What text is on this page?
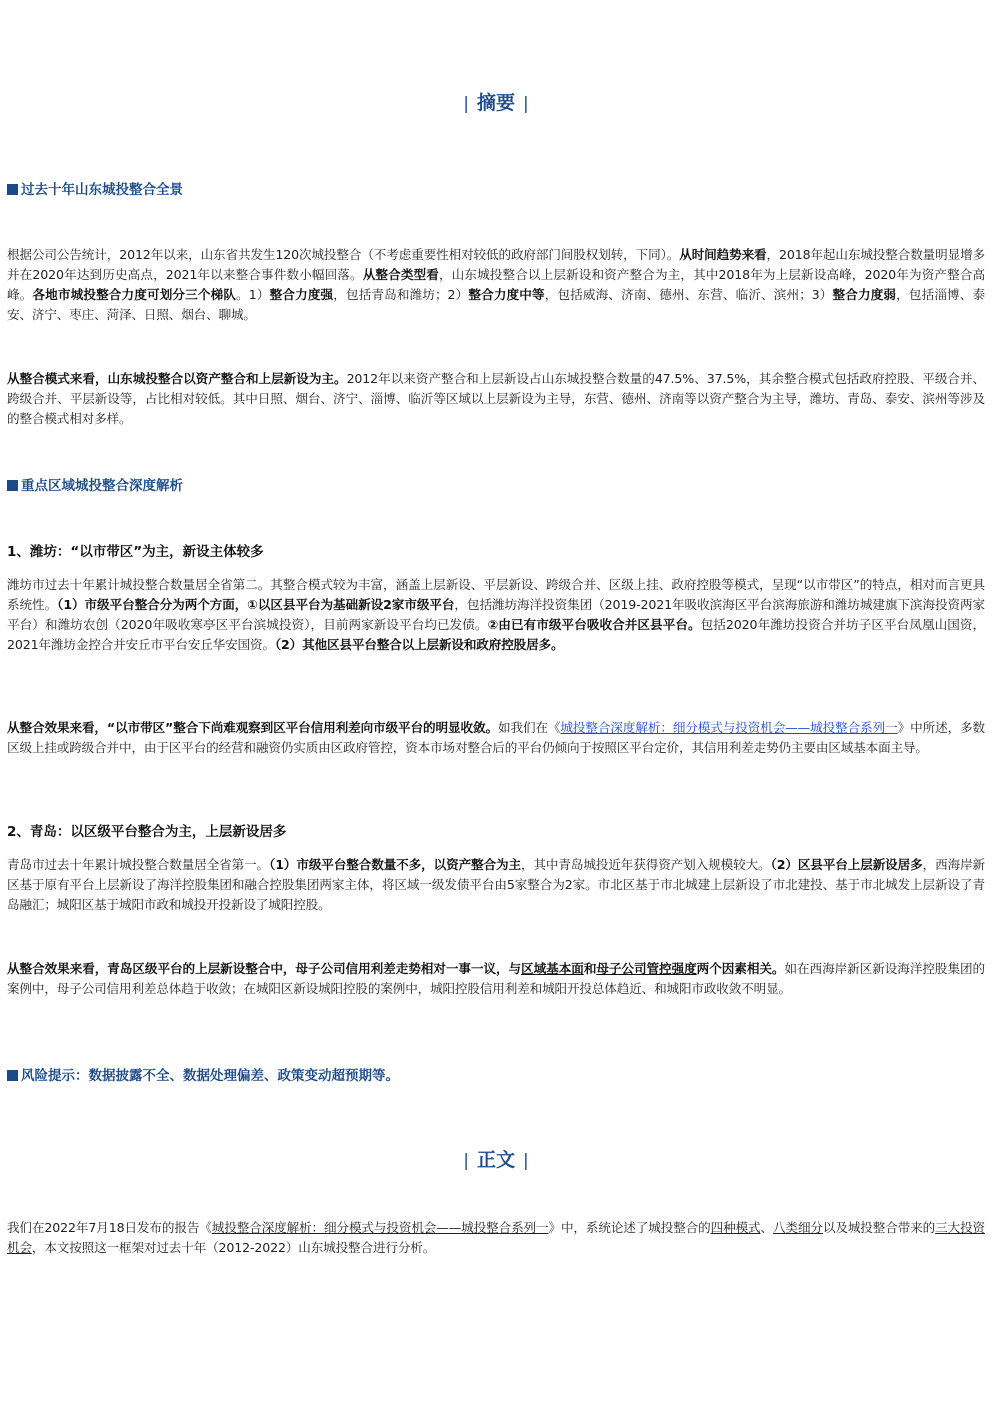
| 摘要 |
过去十年山东城投整合全景
根据公司公告统计，2012年以来，山东省共发生120次城投整合（不考虑重要性相对较低的政府部门间股权划转，下同）。从时间趋势来看，2018年起山东城投整合数量明显增多并在2020年达到历史高点，2021年以来整合事件数小幅回落。从整合类型看，山东城投整合以上层新设和资产整合为主，其中2018年为上层新设高峰，2020年为资产整合高峰。各地市城投整合力度可划分三个梯队。1）整合力度强，包括青岛和潍坊；2）整合力度中等，包括威海、济南、德州、东营、临沂、滨州；3）整合力度弱，包括淄博、泰安、济宁、枣庄、菏泽、日照、烟台、聊城。
从整合模式来看，山东城投整合以资产整合和上层新设为主。2012年以来资产整合和上层新设占山东城投整合数量的47.5%、37.5%，其余整合模式包括政府控股、平级合并、跨级合并、平层新设等，占比相对较低。其中日照、烟台、济宁、淄博、临沂等区域以上层新设为主导，东营、德州、济南等以资产整合为主导，潍坊、青岛、泰安、滨州等涉及的整合模式相对多样。
重点区域城投整合深度解析
1、潍坊：“以市带区”为主，新设主体较多
潍坊市过去十年累计城投整合数量居全省第二。其整合模式较为丰富，涵盖上层新设、平层新设、跨级合并、区级上挂、政府控股等模式，呈现“以市带区”的特点，相对而言更具系统性。（1）市级平台整合分为两个方面，①以区县平台为基础新设2家市级平台，包括潍坊海洋投资集团（2019-2021年吸收滨海区平台滨海旅游和潍坊城建旗下滨海投资两家平台）和潍坊农创（2020年吸收寒亭区平台滨城投资），目前两家新设平台均已发债。②由已有市级平台吸收合并区县平台。包括2020年潍坊投资合并坊子区平台凤凰山国资，2021年潍坊金控合并安丘市平台安丘华安国资。（2）其他区县平台整合以上层新设和政府控股居多。
从整合效果来看，“以市带区”整合下尚难观察到区平台信用利差向市级平台的明显收敛。如我们在《城投整合深度解析：细分模式与投资机会——城投整合系列一》中所述，多数区级上挂或跨级合并中，由于区平台的经营和融资仍实质由区政府管控，资本市场对整合后的平台仍倾向于按照区平台定价，其信用利差走势仍主要由区域基本面主导。
2、青岛：以区级平台整合为主，上层新设居多
青岛市过去十年累计城投整合数量居全省第一。（1）市级平台整合数量不多，以资产整合为主，其中青岛城投近年获得资产划入规模较大。（2）区县平台上层新设居多，西海岸新区基于原有平台上层新设了海洋控股集团和融合控股集团两家主体，将区域一级发债平台由5家整合为2家。市北区基于市北城建上层新设了市北建投、基于市北城发上层新设了青岛融汇；城阳区基于城阳市政和城投开投新设了城阳控股。
从整合效果来看，青岛区级平台的上层新设整合中，母子公司信用利差走势相对一事一议，与区域基本面和母子公司管控强度两个因素相关。如在西海岸新区新设海洋控股集团的案例中，母子公司信用利差总体趋于收敛；在城阳区新设城阳控股的案例中，城阳控股信用利差和城阳开投总体趋近、和城阳市政收敛不明显。
风险提示：数据披露不全、数据处理偏差、政策变动超预期等。
| 正文 |
我们在2022年7月18日发布的报告《城投整合深度解析：细分模式与投资机会——城投整合系列一》中，系统论述了城投整合的四种模式、八类细分以及城投整合带来的三大投资机会，本文按照这一框架对过去十年（2012-2022）山东城投整合进行分析。
